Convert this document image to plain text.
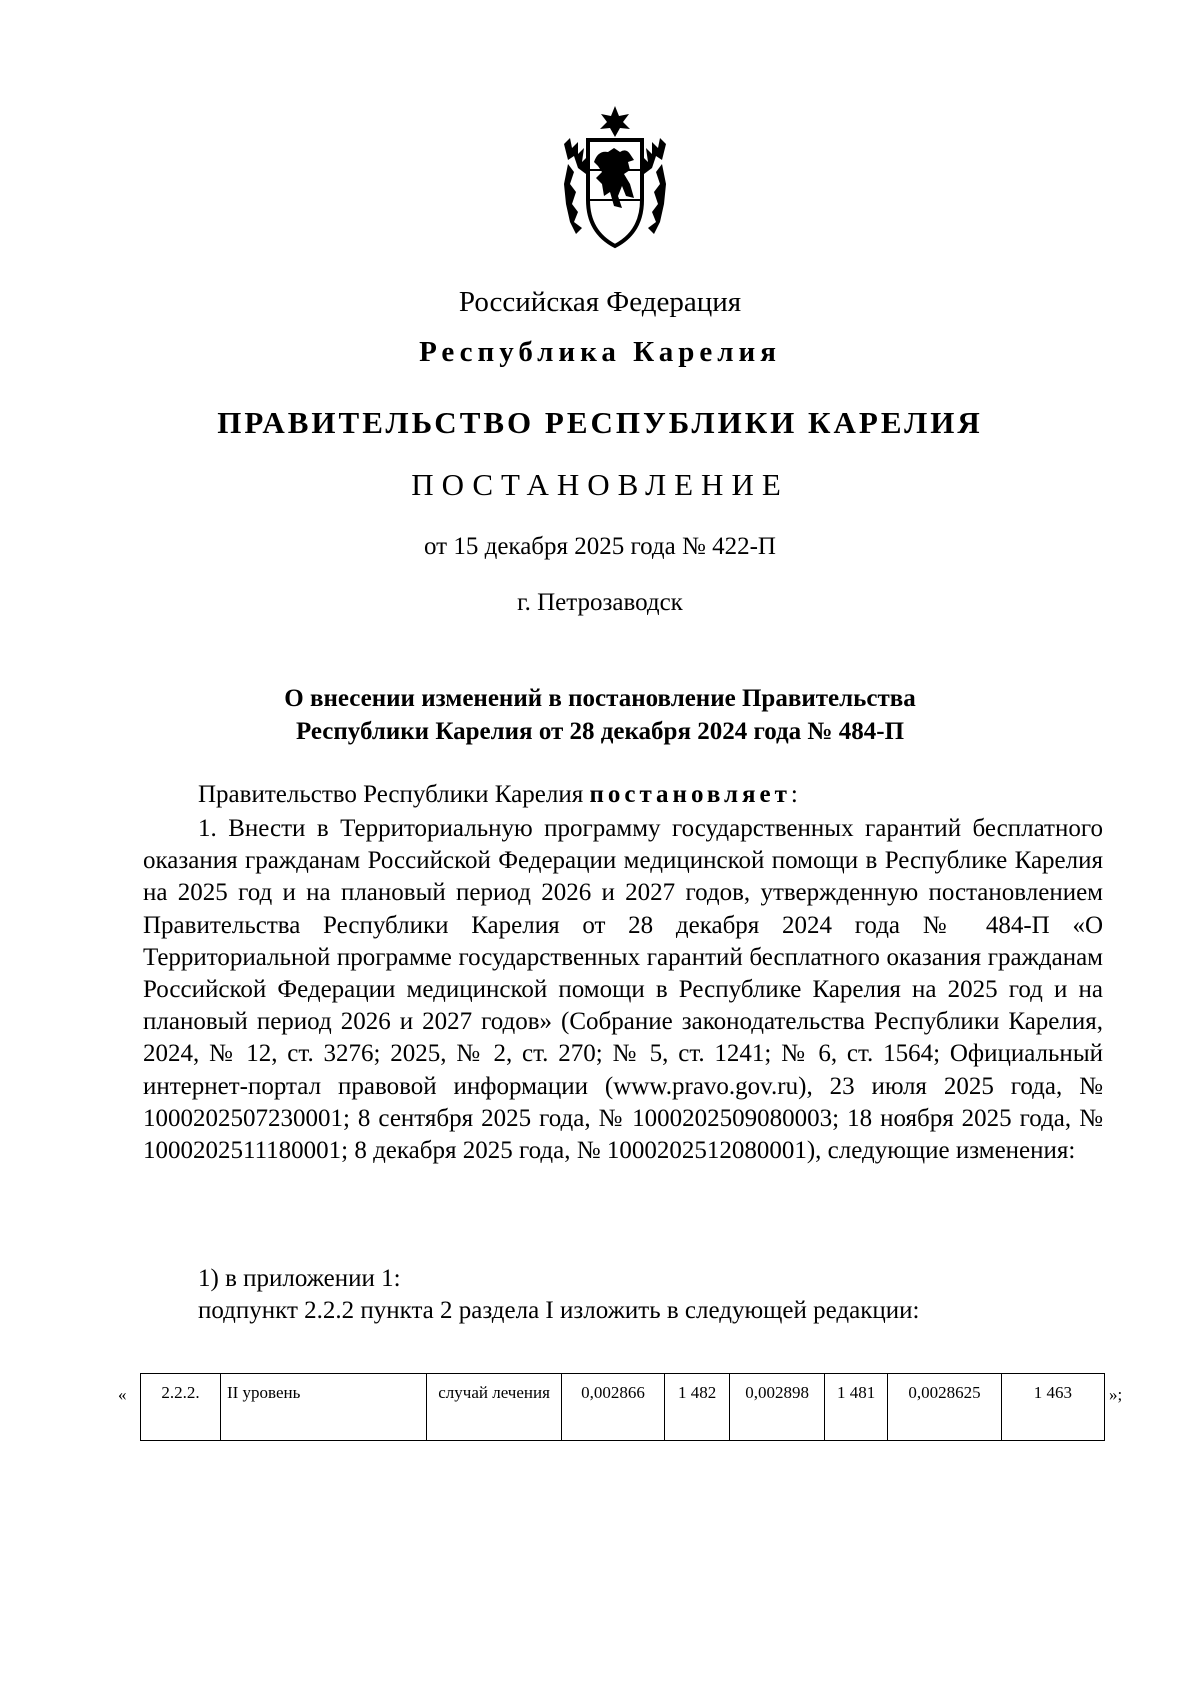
Российская Федерация
Республика Карелия
ПРАВИТЕЛЬСТВО РЕСПУБЛИКИ КАРЕЛИЯ
ПОСТАНОВЛЕНИЕ
от 15 декабря 2025 года № 422-П
г. Петрозаводск
О внесении изменений в постановление Правительства
Республики Карелия от 28 декабря 2024 года № 484-П
Правительство Республики Карелия постановляет:

1. Внести в Территориальную программу государственных гарантий бесплатного оказания гражданам Российской Федерации медицинской помощи в Республике Карелия на 2025 год и на плановый период 2026 и 2027 годов, утвержденную постановлением Правительства Республики Карелия от 28 декабря 2024 года № 484-П «О Территориальной программе государственных гарантий бесплатного оказания гражданам Российской Федерации медицинской помощи в Республике Карелия на 2025 год и на плановый период 2026 и 2027 годов» (Собрание законодательства Республики Карелия, 2024, № 12, ст. 3276; 2025, № 2, ст. 270; № 5, ст. 1241; № 6, ст. 1564; Официальный интернет-портал правовой информации (www.pravo.gov.ru), 23 июля 2025 года, № 1000202507230001; 8 сентября 2025 года, № 1000202509080003; 18 ноября 2025 года, № 1000202511180001; 8 декабря 2025 года, № 1000202512080001), следующие изменения:

1) в приложении 1:
подпункт 2.2.2 пункта 2 раздела I изложить в следующей редакции:
« 2.2.2.	II уровень	случай лечения	0,002866	1 482	0,002898	1 481	0,0028625	1 463 »;
